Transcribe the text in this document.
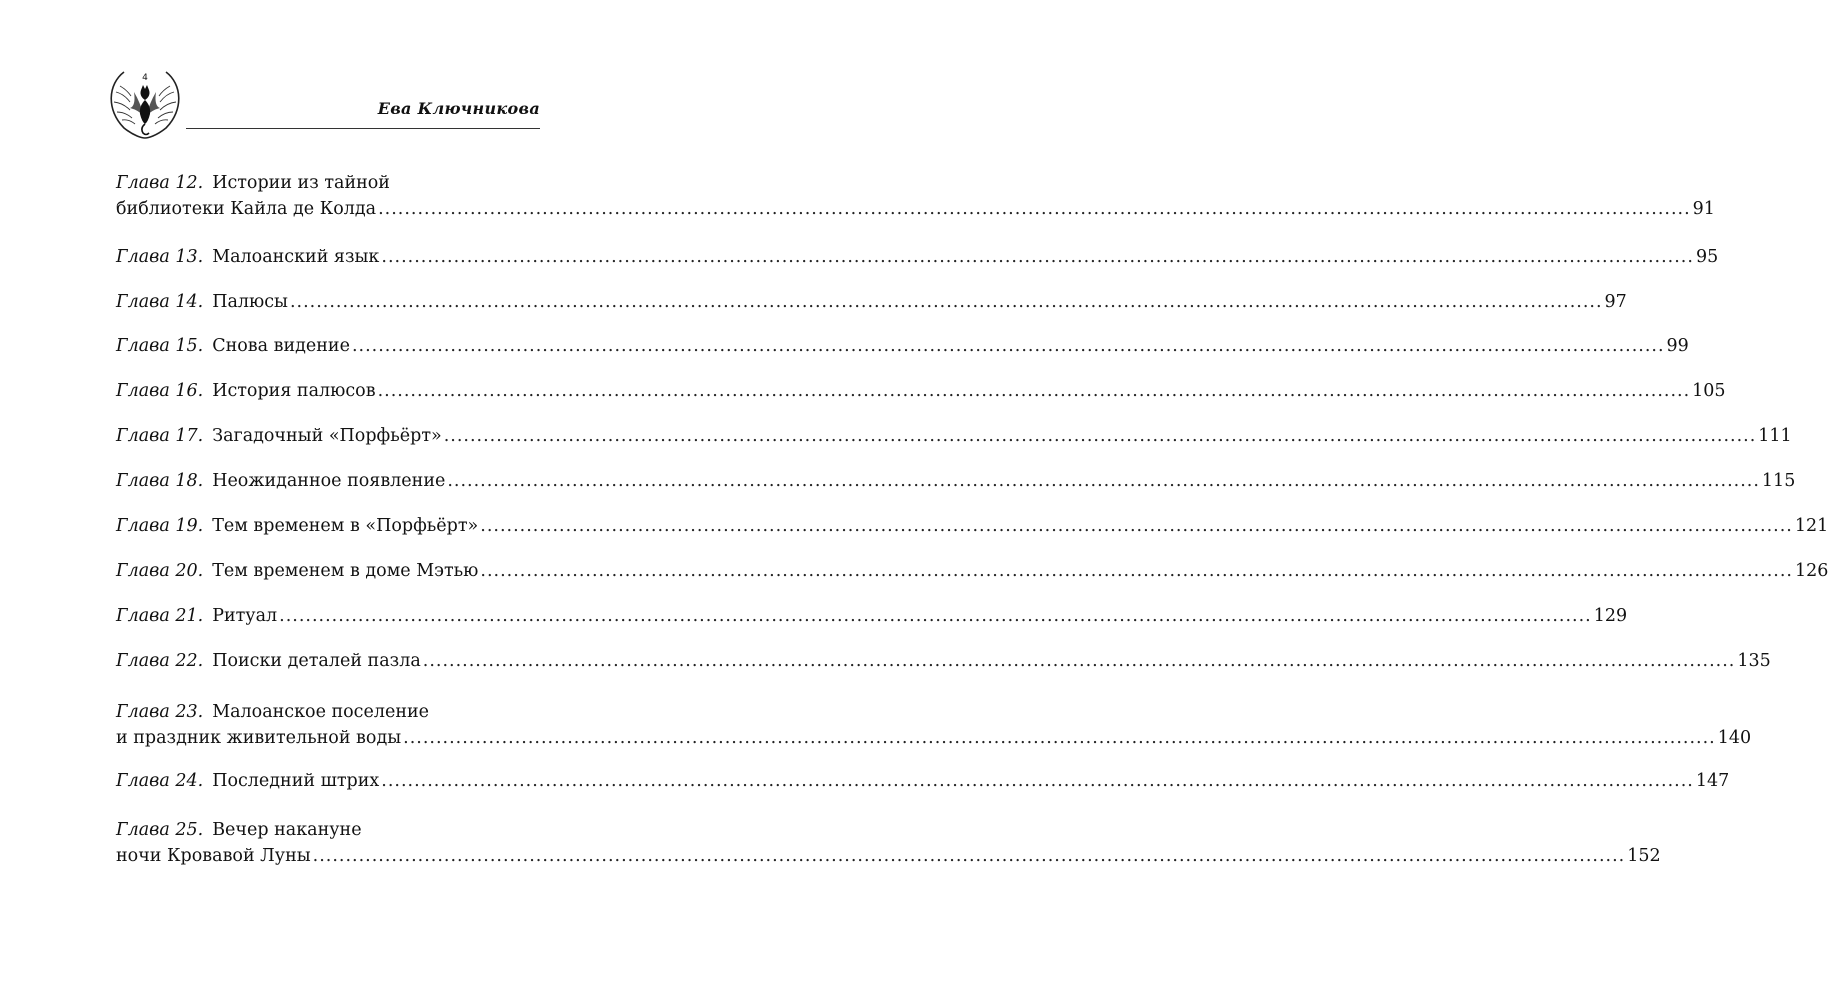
4
Ева Ключникова
Глава 12. Истории из тайной
библиотеки Кайла де Колда ........................................................................................................................................................................................................ 91
Глава 13. Малоанский язык ........................................................................................................................................................................................................ 95
Глава 14. Палюсы ........................................................................................................................................................................................................ 97
Глава 15. Снова видение ........................................................................................................................................................................................................ 99
Глава 16. История палюсов ........................................................................................................................................................................................................ 105
Глава 17. Загадочный «Порфьёрт» ........................................................................................................................................................................................................ 111
Глава 18. Неожиданное появление ........................................................................................................................................................................................................ 115
Глава 19. Тем временем в «Порфьёрт» ........................................................................................................................................................................................................ 121
Глава 20. Тем временем в доме Мэтью ........................................................................................................................................................................................................ 126
Глава 21. Ритуал ........................................................................................................................................................................................................ 129
Глава 22. Поиски деталей пазла ........................................................................................................................................................................................................ 135
Глава 23. Малоанское поселение
и праздник живительной воды ........................................................................................................................................................................................................ 140
Глава 24. Последний штрих ........................................................................................................................................................................................................ 147
Глава 25. Вечер накануне
ночи Кровавой Луны ........................................................................................................................................................................................................ 152
